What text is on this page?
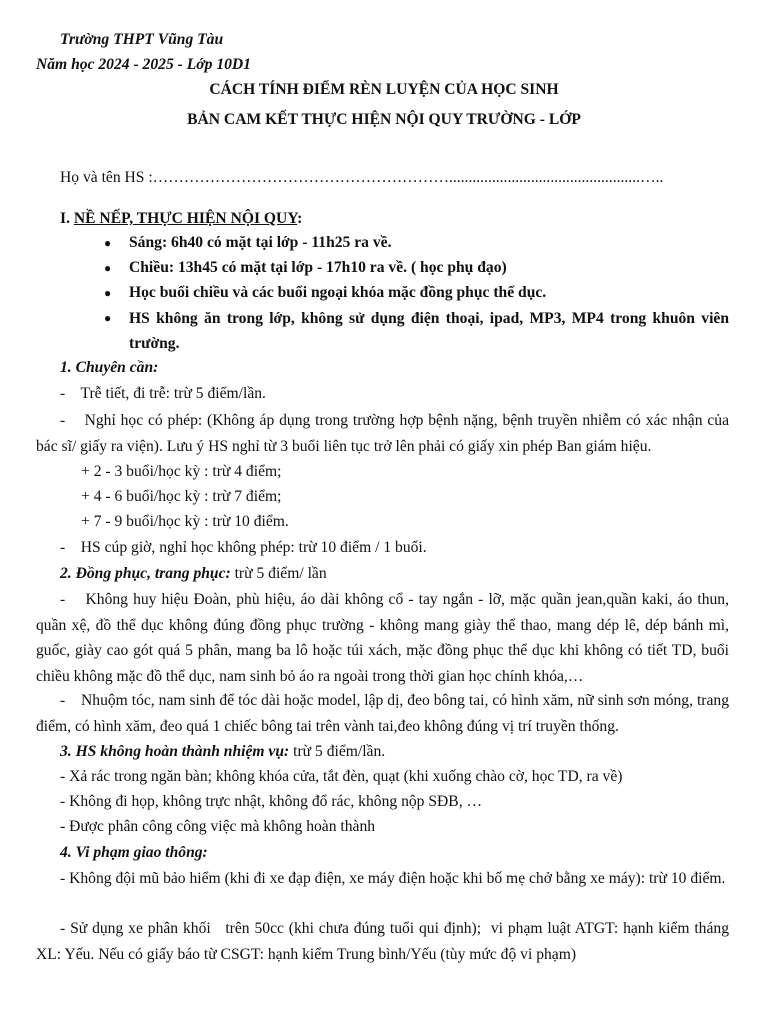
Trường THPT Vũng Tàu
Năm học 2024 - 2025 - Lớp 10D1
CÁCH TÍNH ĐIỂM RÈN LUYỆN CỦA HỌC SINH
BẢN CAM KẾT THỰC HIỆN NỘI QUY TRƯỜNG - LỚP
Họ và tên HS :………………………………………………….................................................…..
I. NỀ NẾP, THỰC HIỆN NỘI QUY:
● Sáng: 6h40 có mặt tại lớp - 11h25 ra về.
● Chiều: 13h45 có mặt tại lớp - 17h10 ra về. ( học phụ đạo)
● Học buổi chiều và các buổi ngoại khóa mặc đồng phục thể dục.
● HS không ăn trong lớp, không sử dụng điện thoại, ipad, MP3, MP4 trong khuôn viên trường.
1. Chuyên cần:
-    Trễ tiết, đi trễ: trừ 5 điểm/lần.
-    Nghỉ học có phép: (Không áp dụng trong trường hợp bệnh nặng, bệnh truyền nhiễm có xác nhận của bác sĩ/ giấy ra viện). Lưu ý HS nghỉ từ 3 buổi liên tục trở lên phải có giấy xin phép Ban giám hiệu.
+ 2 - 3 buổi/học kỳ : trừ 4 điểm;
+ 4 - 6 buổi/học kỳ : trừ 7 điểm;
+ 7 - 9 buổi/học kỳ : trừ 10 điểm.
-    HS cúp giờ, nghỉ học không phép: trừ 10 điểm / 1 buổi.
2. Đồng phục, trang phục: trừ 5 điểm/ lần
-    Không huy hiệu Đoàn, phù hiệu, áo dài không cổ - tay ngắn - lỡ, mặc quần jean,quần kaki, áo thun, quần xệ, đồ thể dục không đúng đồng phục trường - không mang giày thể thao, mang dép lê, dép bánh mì, guốc, giày cao gót quá 5 phân, mang ba lô hoặc túi xách, mặc đồng phục thể dục khi không có tiết TD, buổi chiều không mặc đồ thể dục, nam sinh bỏ áo ra ngoài trong thời gian học chính khóa,…
-    Nhuộm tóc, nam sinh để tóc dài hoặc model, lập dị, đeo bông tai, có hình xăm, nữ sinh sơn móng, trang điểm, có hình xăm, đeo quá 1 chiếc bông tai trên vành tai,đeo không đúng vị trí truyền thống.
3. HS không hoàn thành nhiệm vụ: trừ 5 điểm/lần.
- Xả rác trong ngăn bàn; không khóa cửa, tắt đèn, quạt (khi xuống chào cờ, học TD, ra về)
- Không đi họp, không trực nhật, không đổ rác, không nộp SĐB, …
- Được phân công công việc mà không hoàn thành
4. Vi phạm giao thông:
- Không đội mũ bảo hiểm (khi đi xe đạp điện, xe máy điện hoặc khi bố mẹ chở bằng xe máy): trừ 10 điểm.
- Sử dụng xe phân khối   trên 50cc (khi chưa đúng tuổi qui định);  vi phạm luật ATGT: hạnh kiểm tháng XL: Yếu. Nếu có giấy báo từ CSGT: hạnh kiểm Trung bình/Yếu (tùy mức độ vi phạm)
